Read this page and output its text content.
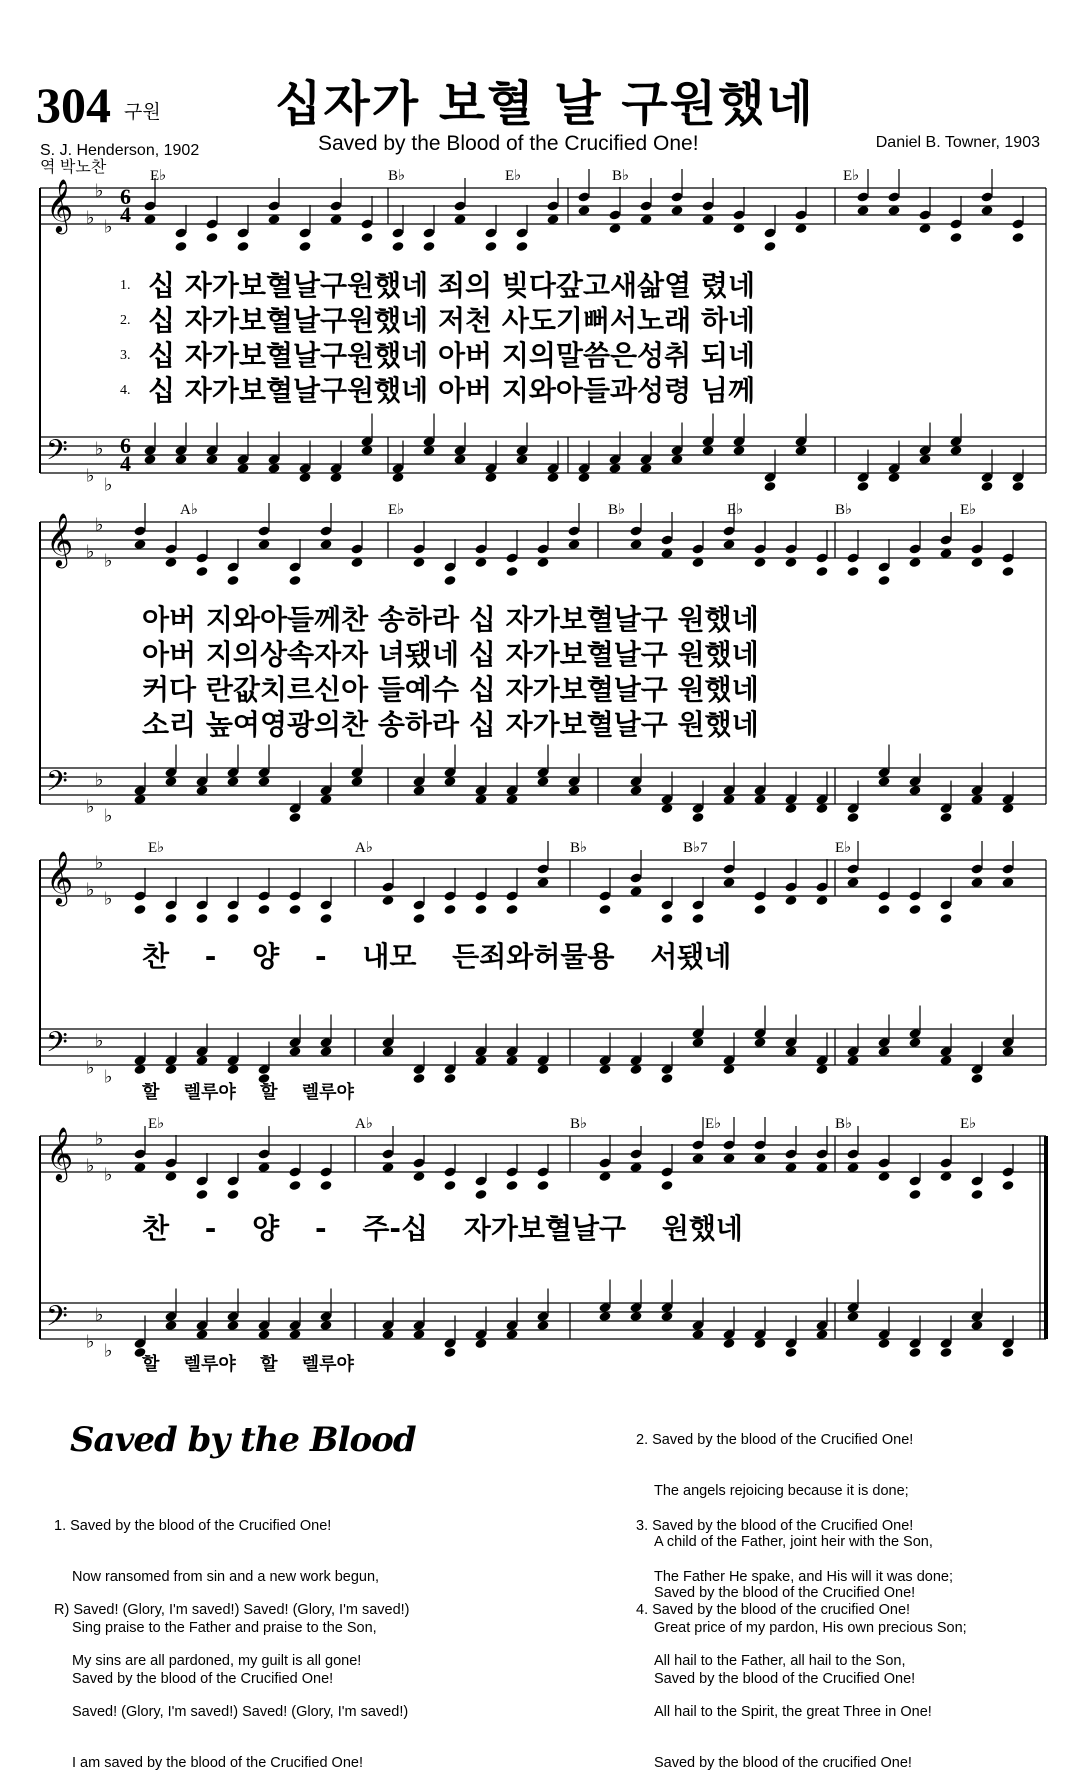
304 구원 십자가 보혈 날 구원했네
Saved by the Blood of the Crucified One!
S. J. Henderson, 1902
역 박노찬
Daniel B. Towner, 1903
𝄞
𝄢
♭
♭
♭
♭
♭
♭
6
4
6
4
𝄞
𝄢
♭
♭
♭
♭
♭
♭
𝄞
𝄢
♭
♭
♭
♭
♭
♭
𝄞
𝄢
♭
♭
♭
♭
♭
♭
E♭	B♭	E♭	B♭	E♭
A♭	E♭	B♭	E♭	B♭	E♭
E♭	A♭	B♭	B♭7	E♭
E♭	A♭	B♭	E♭	B♭	E♭
1.
2.
3.
4.
십 자가보혈날구원했네 죄의 빚다갚고새삶열 렸네
십 자가보혈날구원했네 저천 사도기뻐서노래 하네
십 자가보혈날구원했네 아버 지의말씀은성취 되네
십 자가보혈날구원했네 아버 지와아들과성령 님께
아버 지와아들께찬 송하라 십 자가보혈날구 원했네
아버 지의상속자자 녀됐네 십 자가보혈날구 원했네
커다 란값치르신아 들예수 십 자가보혈날구 원했네
소리 높여영광의찬 송하라 십 자가보혈날구 원했네
찬 - 양 - 내모 든죄와허물용 서됐네
할 렐루야 할 렐루야
찬 - 양 - 주-십 자가보혈날구 원했네
할 렐루야 할 렐루야
Saved by the Blood

1. Saved by the blood of the Crucified One!

Now ransomed from sin and a new work begun,

Sing praise to the Father and praise to the Son,

Saved by the blood of the Crucified One!

R) Saved! (Glory, I'm saved!) Saved! (Glory, I'm saved!)

My sins are all pardoned, my guilt is all gone!

Saved! (Glory, I'm saved!) Saved! (Glory, I'm saved!)

I am saved by the blood of the Crucified One!

2. Saved by the blood of the Crucified One!

The angels rejoicing because it is done;

A child of the Father, joint heir with the Son,

Saved by the blood of the Crucified One!

3. Saved by the blood of the Crucified One!

The Father He spake, and His will it was done;

Great price of my pardon, His own precious Son;

Saved by the blood of the Crucified One!

4. Saved by the blood of the crucified One!

All hail to the Father, all hail to the Son,

All hail to the Spirit, the great Three in One!

Saved by the blood of the crucified One!
